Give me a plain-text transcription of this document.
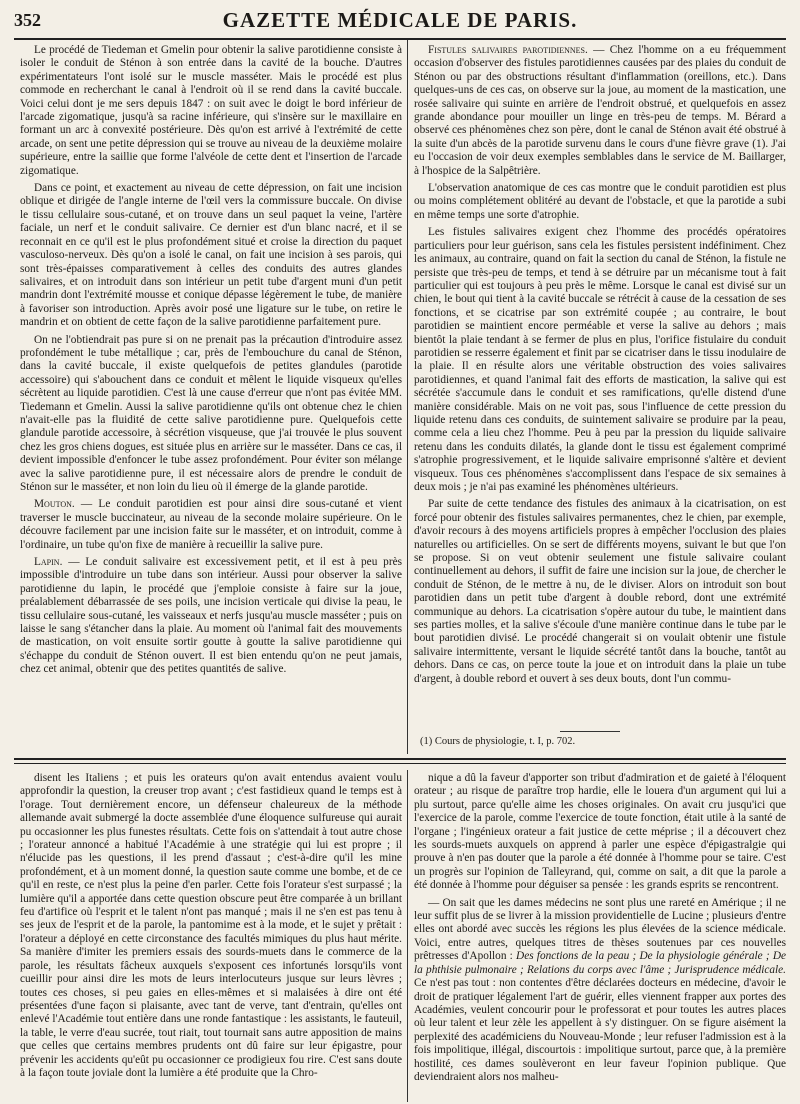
352	GAZETTE MÉDICALE DE PARIS.

Le procédé de Tiedeman et Gmelin pour obtenir la salive parotidienne consiste à isoler le conduit de Sténon à son entrée dans la cavité de la bouche. D'autres expérimentateurs l'ont isolé sur le muscle masséter. Mais le procédé est plus commode en recherchant le canal à l'endroit où il se rend dans la cavité buccale. Voici celui dont je me sers depuis 1847 : on suit avec le doigt le bord inférieur de l'arcade zigomatique, jusqu'à sa racine inférieure, qui s'insère sur le maxillaire en formant un arc à convexité postérieure. Dès qu'on est arrivé à l'extrémité de cette arcade, on sent une petite dépression qui se trouve au niveau de la deuxième molaire supérieure, entre la saillie que forme l'alvéole de cette dent et l'insertion de l'arcade zigomatique.

Dans ce point, et exactement au niveau de cette dépression, on fait une incision oblique et dirigée de l'angle interne de l'œil vers la commissure buccale. On divise le tissu cellulaire sous-cutané, et on trouve dans un seul paquet la veine, l'artère faciale, un nerf et le conduit salivaire. Ce dernier est d'un blanc nacré, et il se reconnait en ce qu'il est le plus profondément situé et croise la direction du paquet vasculoso-nerveux. Dès qu'on a isolé le canal, on fait une incision à ses parois, qui sont très-épaisses comparativement à celles des conduits des autres glandes salivaires, et on introduit dans son intérieur un petit tube d'argent muni d'un petit mandrin dont l'extrémité mousse et conique dépasse légèrement le tube, de manière à favoriser son introduction. Après avoir posé une ligature sur le tube, on retire le mandrin et on obtient de cette façon de la salive parotidienne parfaitement pure.

On ne l'obtiendrait pas pure si on ne prenait pas la précaution d'introduire assez profondément le tube métallique ; car, près de l'embouchure du canal de Sténon, dans la cavité buccale, il existe quelquefois de petites glandules (parotide accessoire) qui s'abouchent dans ce conduit et mêlent le liquide visqueux qu'elles sécrètent au liquide parotidien. C'est là une cause d'erreur que n'ont pas évitée MM. Tiedemann et Gmelin. Aussi la salive parotidienne qu'ils ont obtenue chez le chien n'avait-elle pas la fluidité de cette salive parotidienne pure. Quelquefois cette glandule parotide accessoire, à sécrétion visqueuse, que j'ai trouvée le plus souvent chez les gros chiens dogues, est située plus en arrière sur le masséter. Dans ce cas, il devient impossible d'enfoncer le tube assez profondément. Pour éviter son mélange avec la salive parotidienne pure, il est nécessaire alors de prendre le conduit de Sténon sur le masséter, et non loin du lieu où il émerge de la glande parotide.

Mouton. — Le conduit parotidien est pour ainsi dire sous-cutané et vient traverser le muscle buccinateur, au niveau de la seconde molaire supérieure. On le découvre facilement par une incision faite sur le masséter, et on introduit, comme à l'ordinaire, un tube qu'on fixe de manière à recueillir la salive pure.

Lapin. — Le conduit salivaire est excessivement petit, et il est à peu près impossible d'introduire un tube dans son intérieur. Aussi pour observer la salive parotidienne du lapin, le procédé que j'emploie consiste à faire sur la joue, préalablement débarrassée de ses poils, une incision verticale qui divise la peau, le tissu cellulaire sous-cutané, les vaisseaux et nerfs jusqu'au muscle masséter ; puis on laisse le sang s'étancher dans la plaie. Au moment où l'animal fait des mouvements de mastication, on voit ensuite sortir goutte à goutte la salive parotidienne qui s'échappe du conduit de Sténon ouvert. Il est bien entendu qu'on ne peut jamais, chez cet animal, obtenir que des petites quantités de salive.

Fistules salivaires parotidiennes. — Chez l'homme on a eu fréquemment occasion d'observer des fistules parotidiennes causées par des plaies du conduit de Sténon ou par des obstructions résultant d'inflammation (oreillons, etc.). Dans quelques-uns de ces cas, on observe sur la joue, au moment de la mastication, une rosée salivaire qui suinte en arrière de l'endroit obstrué, et quelquefois en assez grande abondance pour mouiller un linge en très-peu de temps. M. Bérard a observé ces phénomènes chez son père, dont le canal de Sténon avait été obstrué à la suite d'un abcès de la parotide survenu dans le cours d'une fièvre grave (1). J'ai eu l'occasion de voir deux exemples semblables dans le service de M. Baillarger, à l'hospice de la Salpêtrière.

L'observation anatomique de ces cas montre que le conduit parotidien est plus ou moins complétement oblitéré au devant de l'obstacle, et que la parotide a subi en même temps une sorte d'atrophie.

Les fistules salivaires exigent chez l'homme des procédés opératoires particuliers pour leur guérison, sans cela les fistules persistent indéfiniment. Chez les animaux, au contraire, quand on fait la section du canal de Sténon, la fistule ne persiste que très-peu de temps, et tend à se détruire par un mécanisme tout à fait particulier qui est toujours à peu près le même. Lorsque le canal est divisé sur un chien, le bout qui tient à la cavité buccale se rétrécit à cause de la cessation de ses fonctions, et se cicatrise par son extrémité coupée ; au contraire, le bout parotidien se maintient encore perméable et verse la salive au dehors ; mais bientôt la plaie tendant à se fermer de plus en plus, l'orifice fistulaire du conduit parotidien se resserre également et finit par se cicatriser dans le tissu inodulaire de la plaie. Il en résulte alors une véritable obstruction des voies salivaires parotidiennes, et quand l'animal fait des efforts de mastication, la salive qui est sécrétée s'accumule dans le conduit et ses ramifications, qu'elle distend d'une manière considérable. Mais on ne voit pas, sous l'influence de cette pression du liquide retenu dans ces conduits, de suintement salivaire se produire par la peau, comme cela a lieu chez l'homme. Peu à peu par la pression du liquide salivaire retenu dans les conduits dilatés, la glande dont le tissu est également comprimé s'atrophie progressivement, et le liquide salivaire emprisonné s'altère et devient visqueux. Tous ces phénomènes s'accomplissent dans l'espace de six semaines à deux mois ; je n'ai pas examiné les phénomènes ultérieurs.

Par suite de cette tendance des fistules des animaux à la cicatrisation, on est forcé pour obtenir des fistules salivaires permanentes, chez le chien, par exemple, d'avoir recours à des moyens artificiels propres à empêcher l'occlusion des plaies naturelles ou artificielles. On se sert de différents moyens, suivant le but que l'on se propose. Si on veut obtenir seulement une fistule salivaire coulant continuellement au dehors, il suffit de faire une incision sur la joue, de chercher le conduit de Sténon, de le mettre à nu, de le diviser. Alors on introduit son bout parotidien dans un petit tube d'argent à double rebord, dont une extrémité communique au dehors. La cicatrisation s'opère autour du tube, le maintient dans ses parties molles, et la salive s'écoule d'une manière continue dans le tube par le bout parotidien divisé. Le procédé changerait si on voulait obtenir une fistule salivaire intermittente, versant le liquide sécrété tantôt dans la bouche, tantôt au dehors. Dans ce cas, on perce toute la joue et on introduit dans la plaie un tube d'argent, à double rebord et ouvert à ses deux bouts, dont l'un commu-

(1) Cours de physiologie, t. I, p. 702.

disent les Italiens ; et puis les orateurs qu'on avait entendus avaient voulu approfondir la question, la creuser trop avant ; c'est fastidieux quand le temps est à l'orage. Tout dernièrement encore, un défenseur chaleureux de la méthode allemande avait submergé la docte assemblée d'une éloquence sulfureuse qui aurait pu occasionner les plus funestes résultats. Cette fois on s'attendait à tout autre chose ; l'orateur annoncé a habitué l'Académie à une stratégie qui lui est propre ; il n'élucide pas les questions, il les prend d'assaut ; c'est-à-dire qu'il les mine profondément, et à un moment donné, la question saute comme une bombe, et de ce qu'il en reste, ce n'est plus la peine d'en parler. Cette fois l'orateur s'est surpassé ; la lumière qu'il a apportée dans cette question obscure peut être comparée à un brillant feu d'artifice où l'esprit et le talent n'ont pas manqué ; mais il ne s'en est pas tenu à ses jeux de l'esprit et de la parole, la pantomime est à la mode, et le sujet y prêtait : l'orateur a déployé en cette circonstance des facultés mimiques du plus haut mérite. Sa manière d'imiter les premiers essais des sourds-muets dans le commerce de la parole, les résultats fâcheux auxquels s'exposent ces infortunés lorsqu'ils vont cueillir pour ainsi dire les mots de leurs interlocuteurs jusque sur leurs lèvres ; toutes ces choses, si peu gaies en elles-mêmes et si malaisées à dire ont été présentées d'une façon si plaisante, avec tant de verve, tant d'entrain, qu'elles ont enlevé l'Académie tout entière dans une ronde fantastique : les assistants, le fauteuil, la table, le verre d'eau sucrée, tout riait, tout tournait sans autre apposition de mains que celles que certains membres prudents ont dû faire sur leur épigastre, pour prévenir les accidents qu'eût pu occasionner ce prodigieux fou rire. C'est sans doute à la façon toute joviale dont la lumière a été produite que la Chro-

nique a dû la faveur d'apporter son tribut d'admiration et de gaieté à l'éloquent orateur ; au risque de paraître trop hardie, elle le louera d'un argument qui lui a plu surtout, parce qu'elle aime les choses originales. On avait cru jusqu'ici que l'exercice de la parole, comme l'exercice de toute fonction, était utile à la santé de l'organe ; l'ingénieux orateur a fait justice de cette méprise ; il a découvert chez les sourds-muets auxquels on apprend à parler une espèce d'épigastralgie qui prouve à n'en pas douter que la parole a été donnée à l'homme pour se taire. C'est un progrès sur l'opinion de Talleyrand, qui, comme on sait, a dit que la parole a été donnée à l'homme pour déguiser sa pensée : les grands esprits se rencontrent.

— On sait que les dames médecins ne sont plus une rareté en Amérique ; il ne leur suffit plus de se livrer à la mission providentielle de Lucine ; plusieurs d'entre elles ont abordé avec succès les régions les plus élevées de la science médicale. Voici, entre autres, quelques titres de thèses soutenues par ces nouvelles prêtresses d'Apollon : Des fonctions de la peau ; De la physiologie générale ; De la phthisie pulmonaire ; Relations du corps avec l'âme ; Jurisprudence médicale. Ce n'est pas tout : non contentes d'être déclarées docteurs en médecine, d'avoir le droit de pratiquer légalement l'art de guérir, elles viennent frapper aux portes des Académies, veulent concourir pour le professorat et pour toutes les autres places où leur talent et leur zèle les appellent à s'y distinguer. On se figure aisément la perplexité des académiciens du Nouveau-Monde ; leur refuser l'admission est à la fois impolitique, illégal, discourtois : impolitique surtout, parce que, à la première hostilité, ces dames soulèveront en leur faveur l'opinion publique. Que deviendraient alors nos malheu-
